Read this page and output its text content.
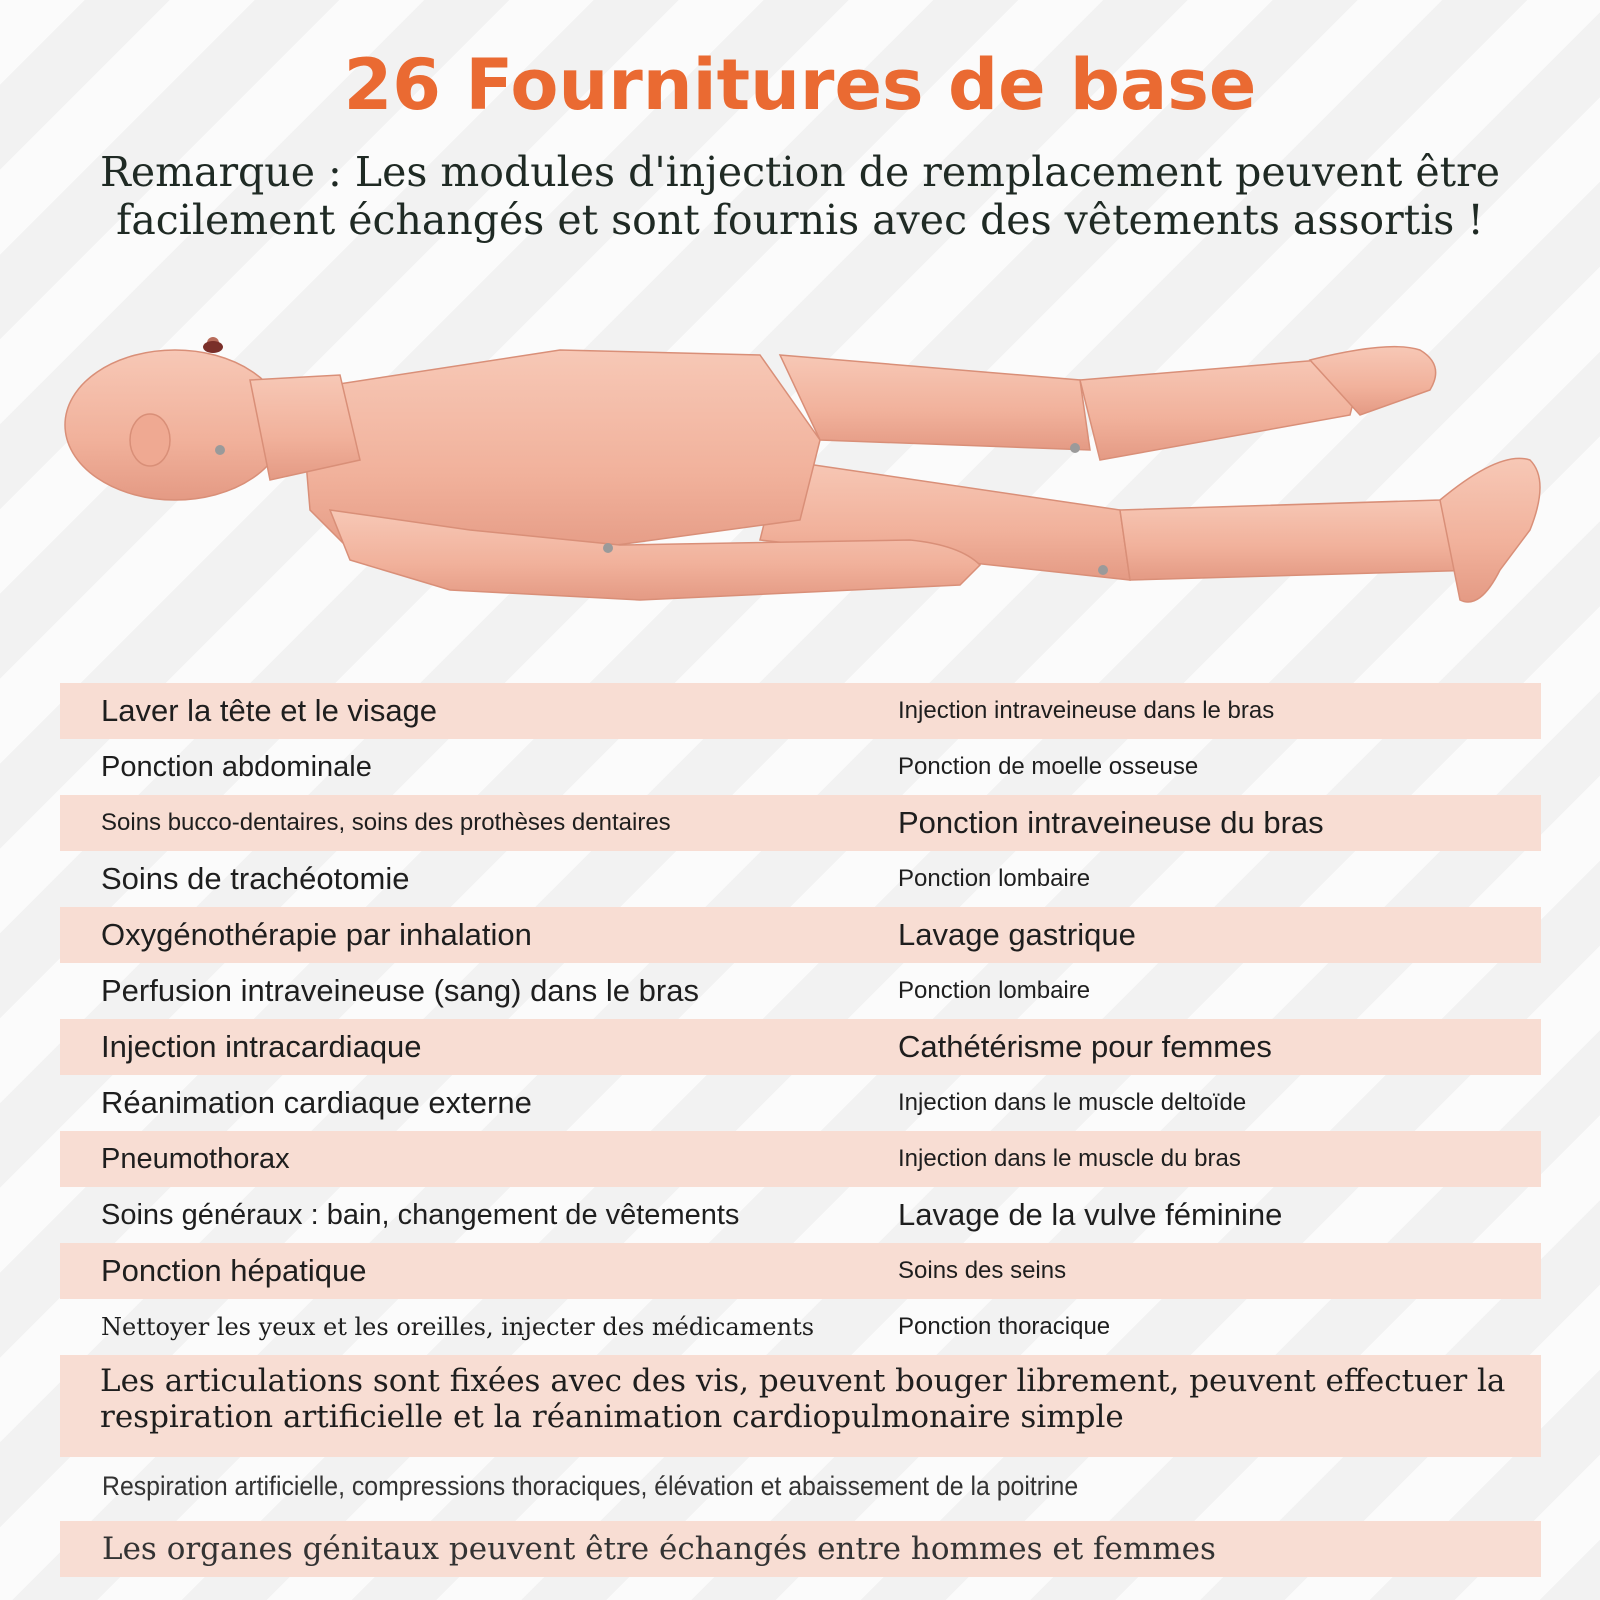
26 Fournitures de base
Remarque : Les modules d'injection de remplacement peuvent être
facilement échangés et sont fournis avec des vêtements assortis !
Laver la tête et le visage	Injection intraveineuse dans le bras
Ponction abdominale	Ponction de moelle osseuse
Soins bucco-dentaires, soins des prothèses dentaires	Ponction intraveineuse du bras
Soins de trachéotomie	Ponction lombaire
Oxygénothérapie par inhalation	Lavage gastrique
Perfusion intraveineuse (sang) dans le bras	Ponction lombaire
Injection intracardiaque	Cathétérisme pour femmes
Réanimation cardiaque externe	Injection dans le muscle deltoïde
Pneumothorax	Injection dans le muscle du bras
Soins généraux : bain, changement de vêtements	Lavage de la vulve féminine
Ponction hépatique	Soins des seins
Nettoyer les yeux et les oreilles, injecter des médicaments	Ponction thoracique
Les articulations sont fixées avec des vis, peuvent bouger librement, peuvent effectuer la
respiration artificielle et la réanimation cardiopulmonaire simple
Respiration artificielle, compressions thoraciques, élévation et abaissement de la poitrine
Les organes génitaux peuvent être échangés entre hommes et femmes
